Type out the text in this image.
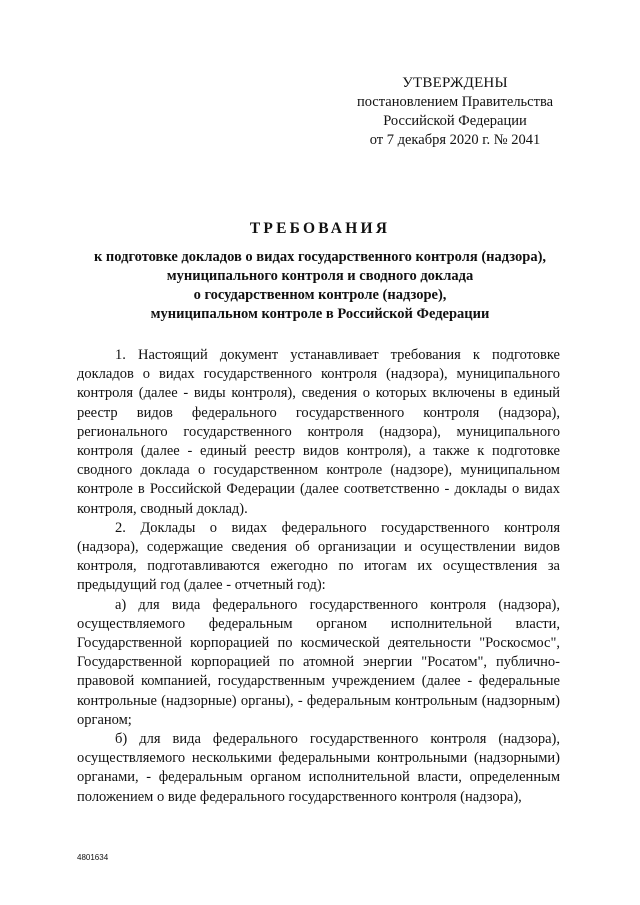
УТВЕРЖДЕНЫ
постановлением Правительства
Российской Федерации
от 7 декабря 2020 г. № 2041
ТРЕБОВАНИЯ
к подготовке докладов о видах государственного контроля (надзора),
муниципального контроля и сводного доклада
о государственном контроле (надзоре),
муниципальном контроле в Российской Федерации

1. Настоящий документ устанавливает требования к подготовке докладов о видах государственного контроля (надзора), муниципального контроля (далее - виды контроля), сведения о которых включены в единый реестр видов федерального государственного контроля (надзора), регионального государственного контроля (надзора), муниципального контроля (далее - единый реестр видов контроля), а также к подготовке сводного доклада о государственном контроле (надзоре), муниципальном контроле в Российской Федерации (далее соответственно - доклады о видах контроля, сводный доклад).

2. Доклады о видах федерального государственного контроля (надзора), содержащие сведения об организации и осуществлении видов контроля, подготавливаются ежегодно по итогам их осуществления за предыдущий год (далее - отчетный год):

а) для вида федерального государственного контроля (надзора), осуществляемого федеральным органом исполнительной власти, Государственной корпорацией по космической деятельности "Роскосмос", Государственной корпорацией по атомной энергии "Росатом", публично-правовой компанией, государственным учреждением (далее - федеральные контрольные (надзорные) органы), - федеральным контрольным (надзорным) органом;

б) для вида федерального государственного контроля (надзора), осуществляемого несколькими федеральными контрольными (надзорными) органами, - федеральным органом исполнительной власти, определенным положением о виде федерального государственного контроля (надзора),

4801634
